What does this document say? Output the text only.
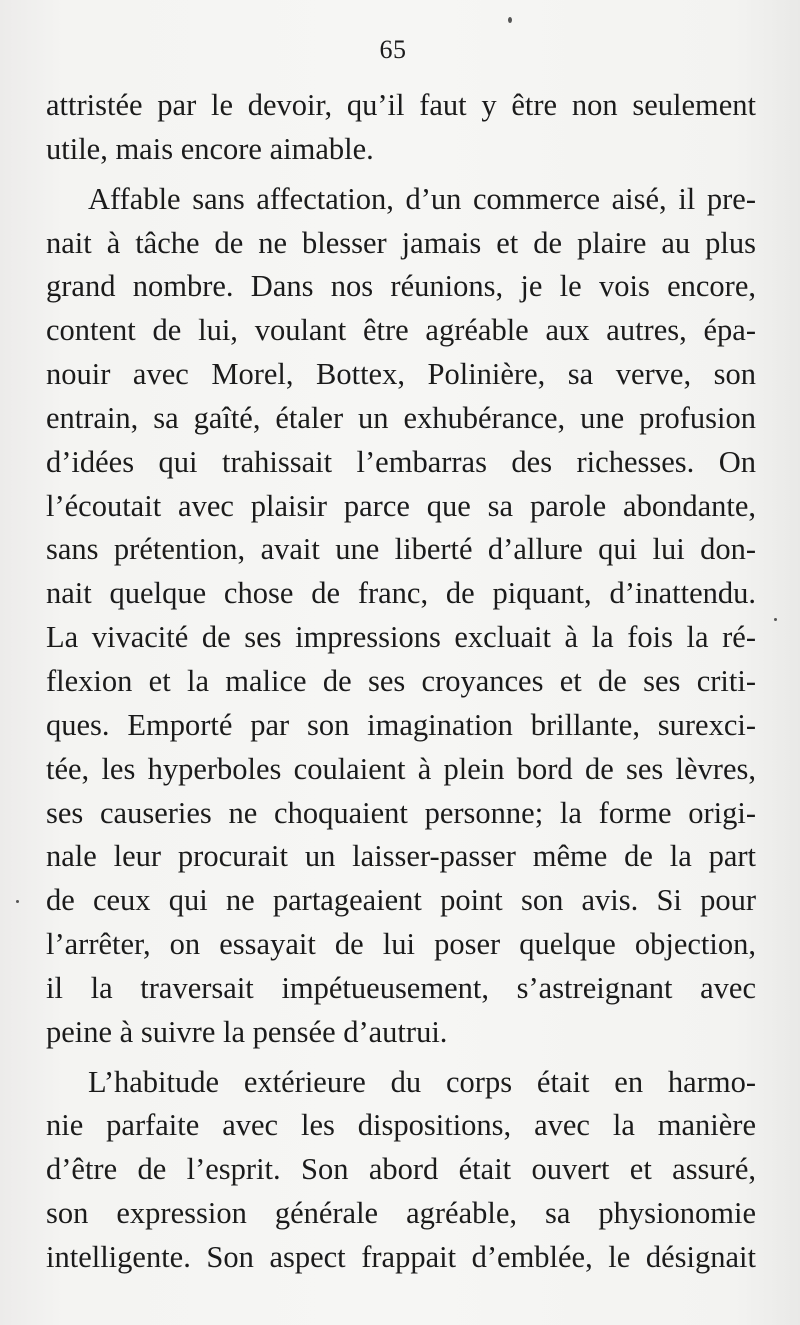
65
attristée par le devoir, qu’il faut y être non seulement
utile, mais encore aimable.
Affable sans affectation, d’un commerce aisé, il pre-
nait à tâche de ne blesser jamais et de plaire au plus
grand nombre. Dans nos réunions, je le vois encore,
content de lui, voulant être agréable aux autres, épa-
nouir avec Morel, Bottex, Polinière, sa verve, son
entrain, sa gaîté, étaler un exhubérance, une profusion
d’idées qui trahissait l’embarras des richesses. On
l’écoutait avec plaisir parce que sa parole abondante,
sans prétention, avait une liberté d’allure qui lui don-
nait quelque chose de franc, de piquant, d’inattendu.
La vivacité de ses impressions excluait à la fois la ré-
flexion et la malice de ses croyances et de ses criti-
ques. Emporté par son imagination brillante, surexci-
tée, les hyperboles coulaient à plein bord de ses lèvres,
ses causeries ne choquaient personne; la forme origi-
nale leur procurait un laisser-passer même de la part
de ceux qui ne partageaient point son avis. Si pour
l’arrêter, on essayait de lui poser quelque objection,
il la traversait impétueusement, s’astreignant avec
peine à suivre la pensée d’autrui.
L’habitude extérieure du corps était en harmo-
nie parfaite avec les dispositions, avec la manière
d’être de l’esprit. Son abord était ouvert et assuré,
son expression générale agréable, sa physionomie
intelligente. Son aspect frappait d’emblée, le désignait
